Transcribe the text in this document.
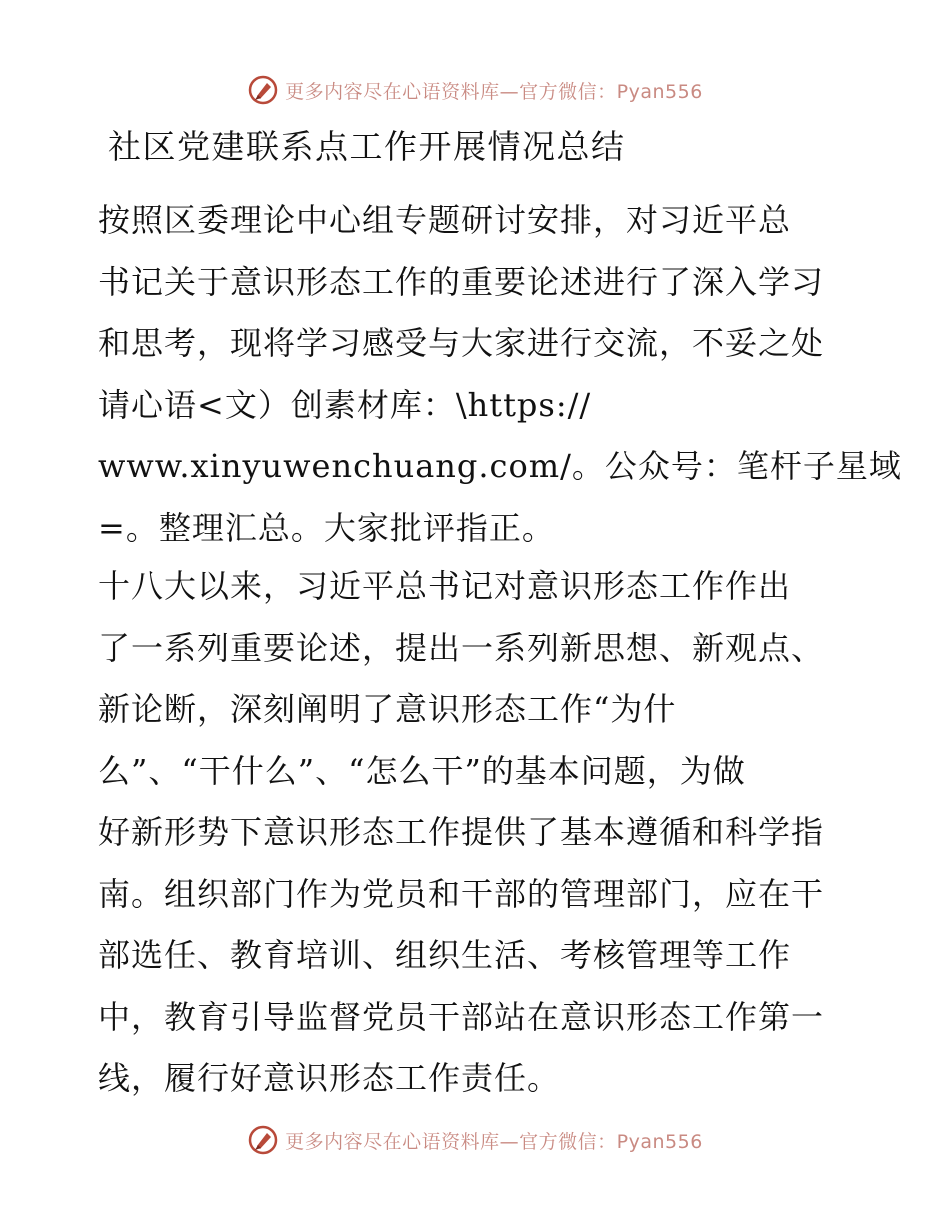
更多内容尽在心语资料库—官方微信：Pyan556
社区党建联系点工作开展情况总结
按照区委理论中心组专题研讨安排，对习近平总
书记关于意识形态工作的重要论述进行了深入学习
和思考，现将学习感受与大家进行交流，不妥之处
请心语<文）创素材库：\https://
www.xinyuwenchuang.com/。公众号：笔杆子星域
=。整理汇总。大家批评指正。
十八大以来，习近平总书记对意识形态工作作出
了一系列重要论述，提出一系列新思想、新观点、
新论断，深刻阐明了意识形态工作“为什
么”、“干什么”、“怎么干”的基本问题，为做
好新形势下意识形态工作提供了基本遵循和科学指
南。组织部门作为党员和干部的管理部门，应在干
部选任、教育培训、组织生活、考核管理等工作
中，教育引导监督党员干部站在意识形态工作第一
线，履行好意识形态工作责任。
更多内容尽在心语资料库—官方微信：Pyan556
